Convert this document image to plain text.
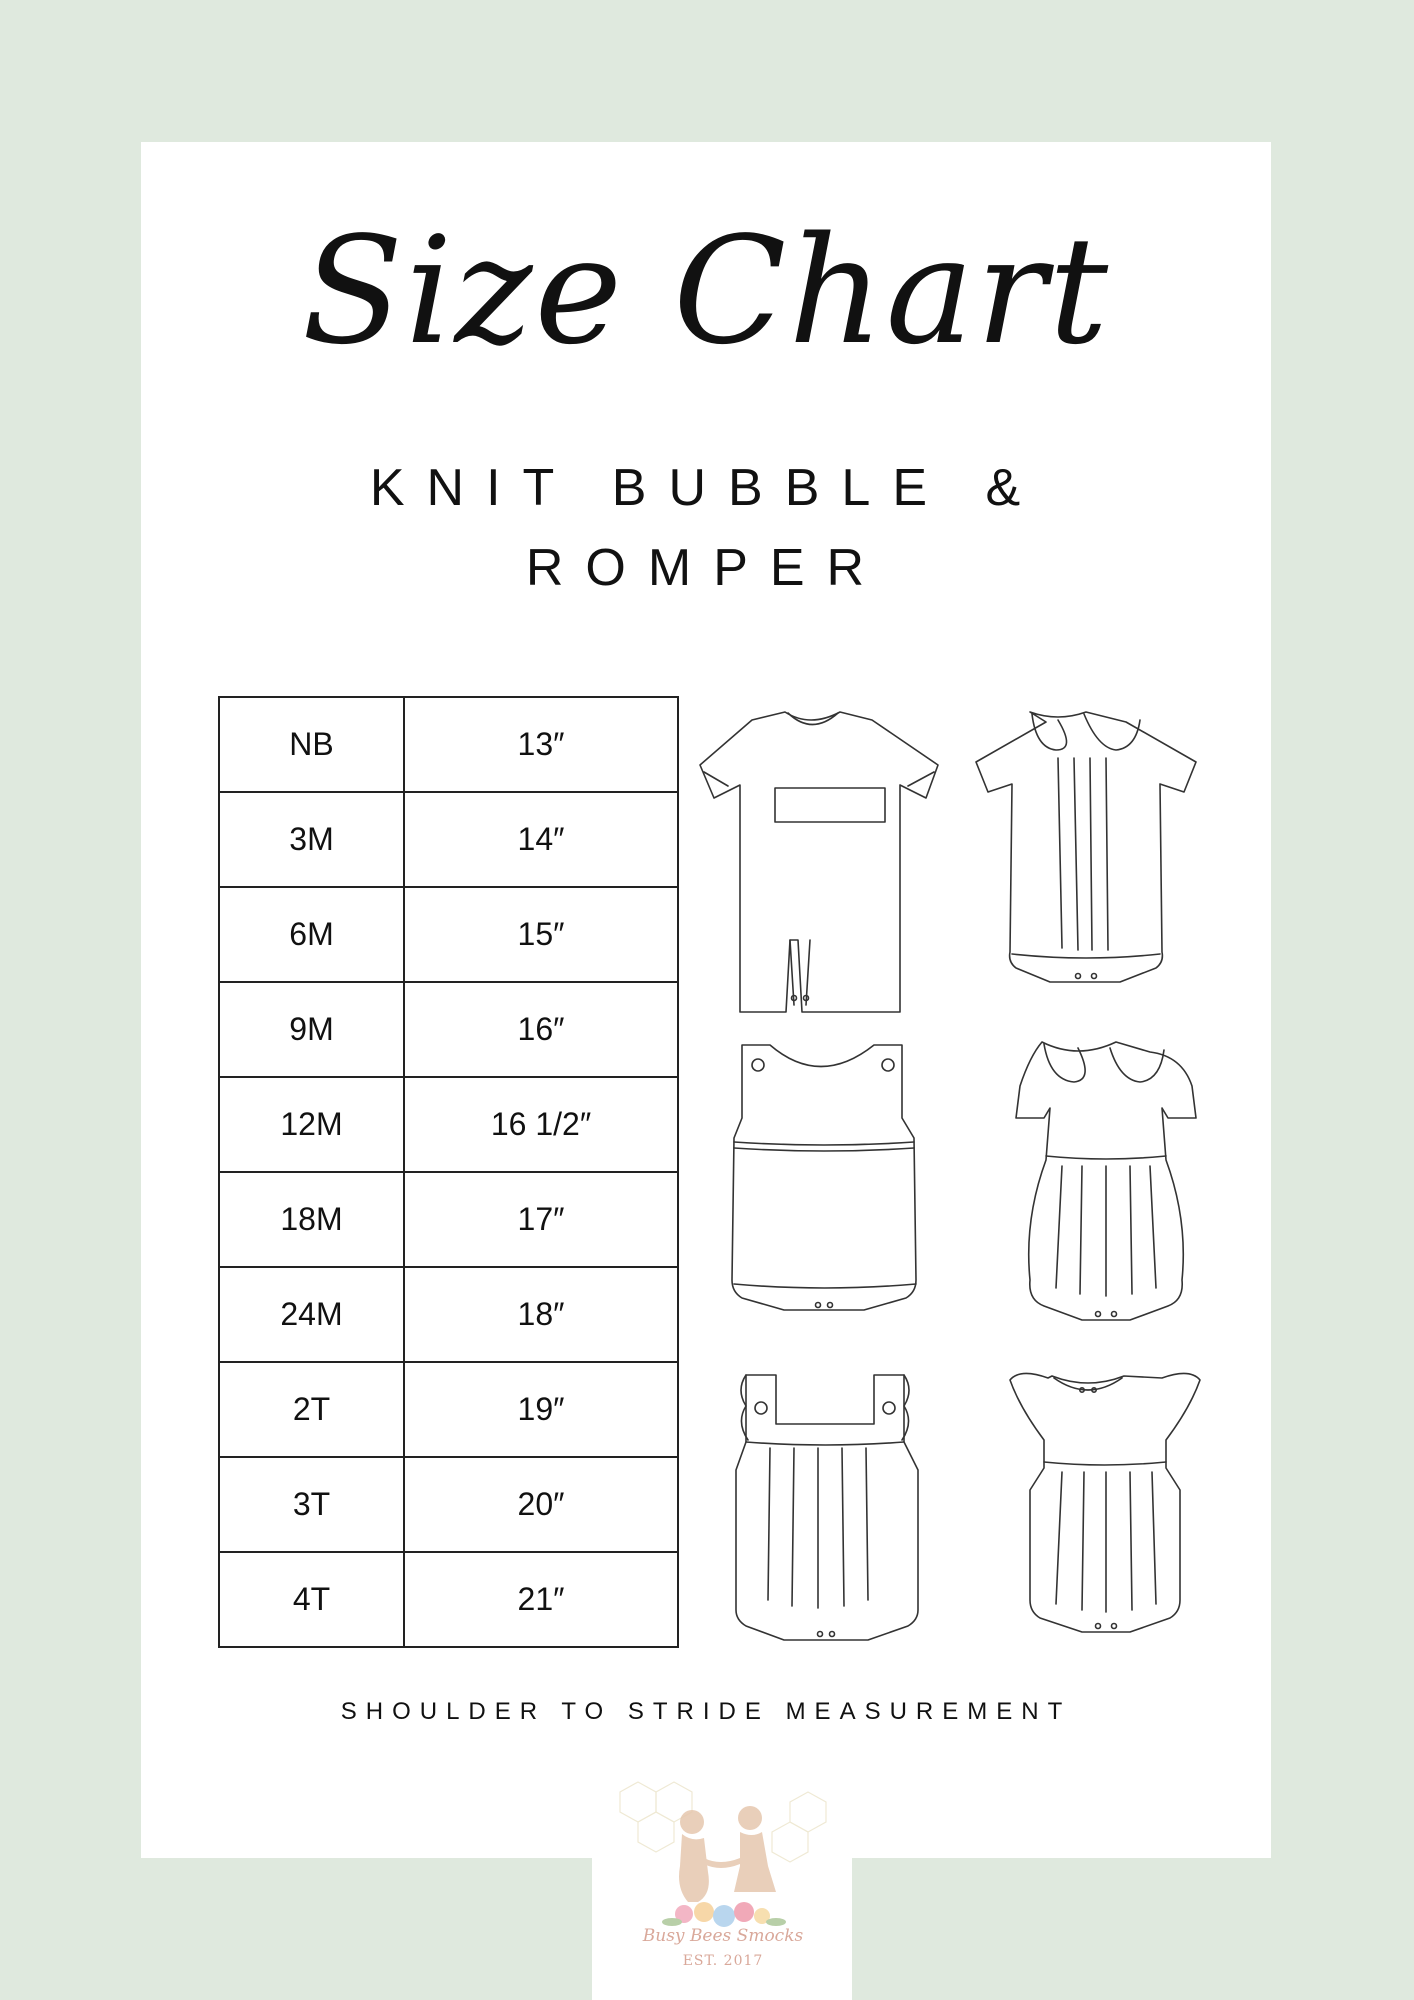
Size Chart
KNIT BUBBLE &
ROMPER
NB	13″
3M	14″
6M	15″
9M	16″
12M	16 1/2″
18M	17″
24M	18″
2T	19″
3T	20″
4T	21″
SHOULDER TO STRIDE MEASUREMENT
Busy Bees Smocks
EST. 2017
